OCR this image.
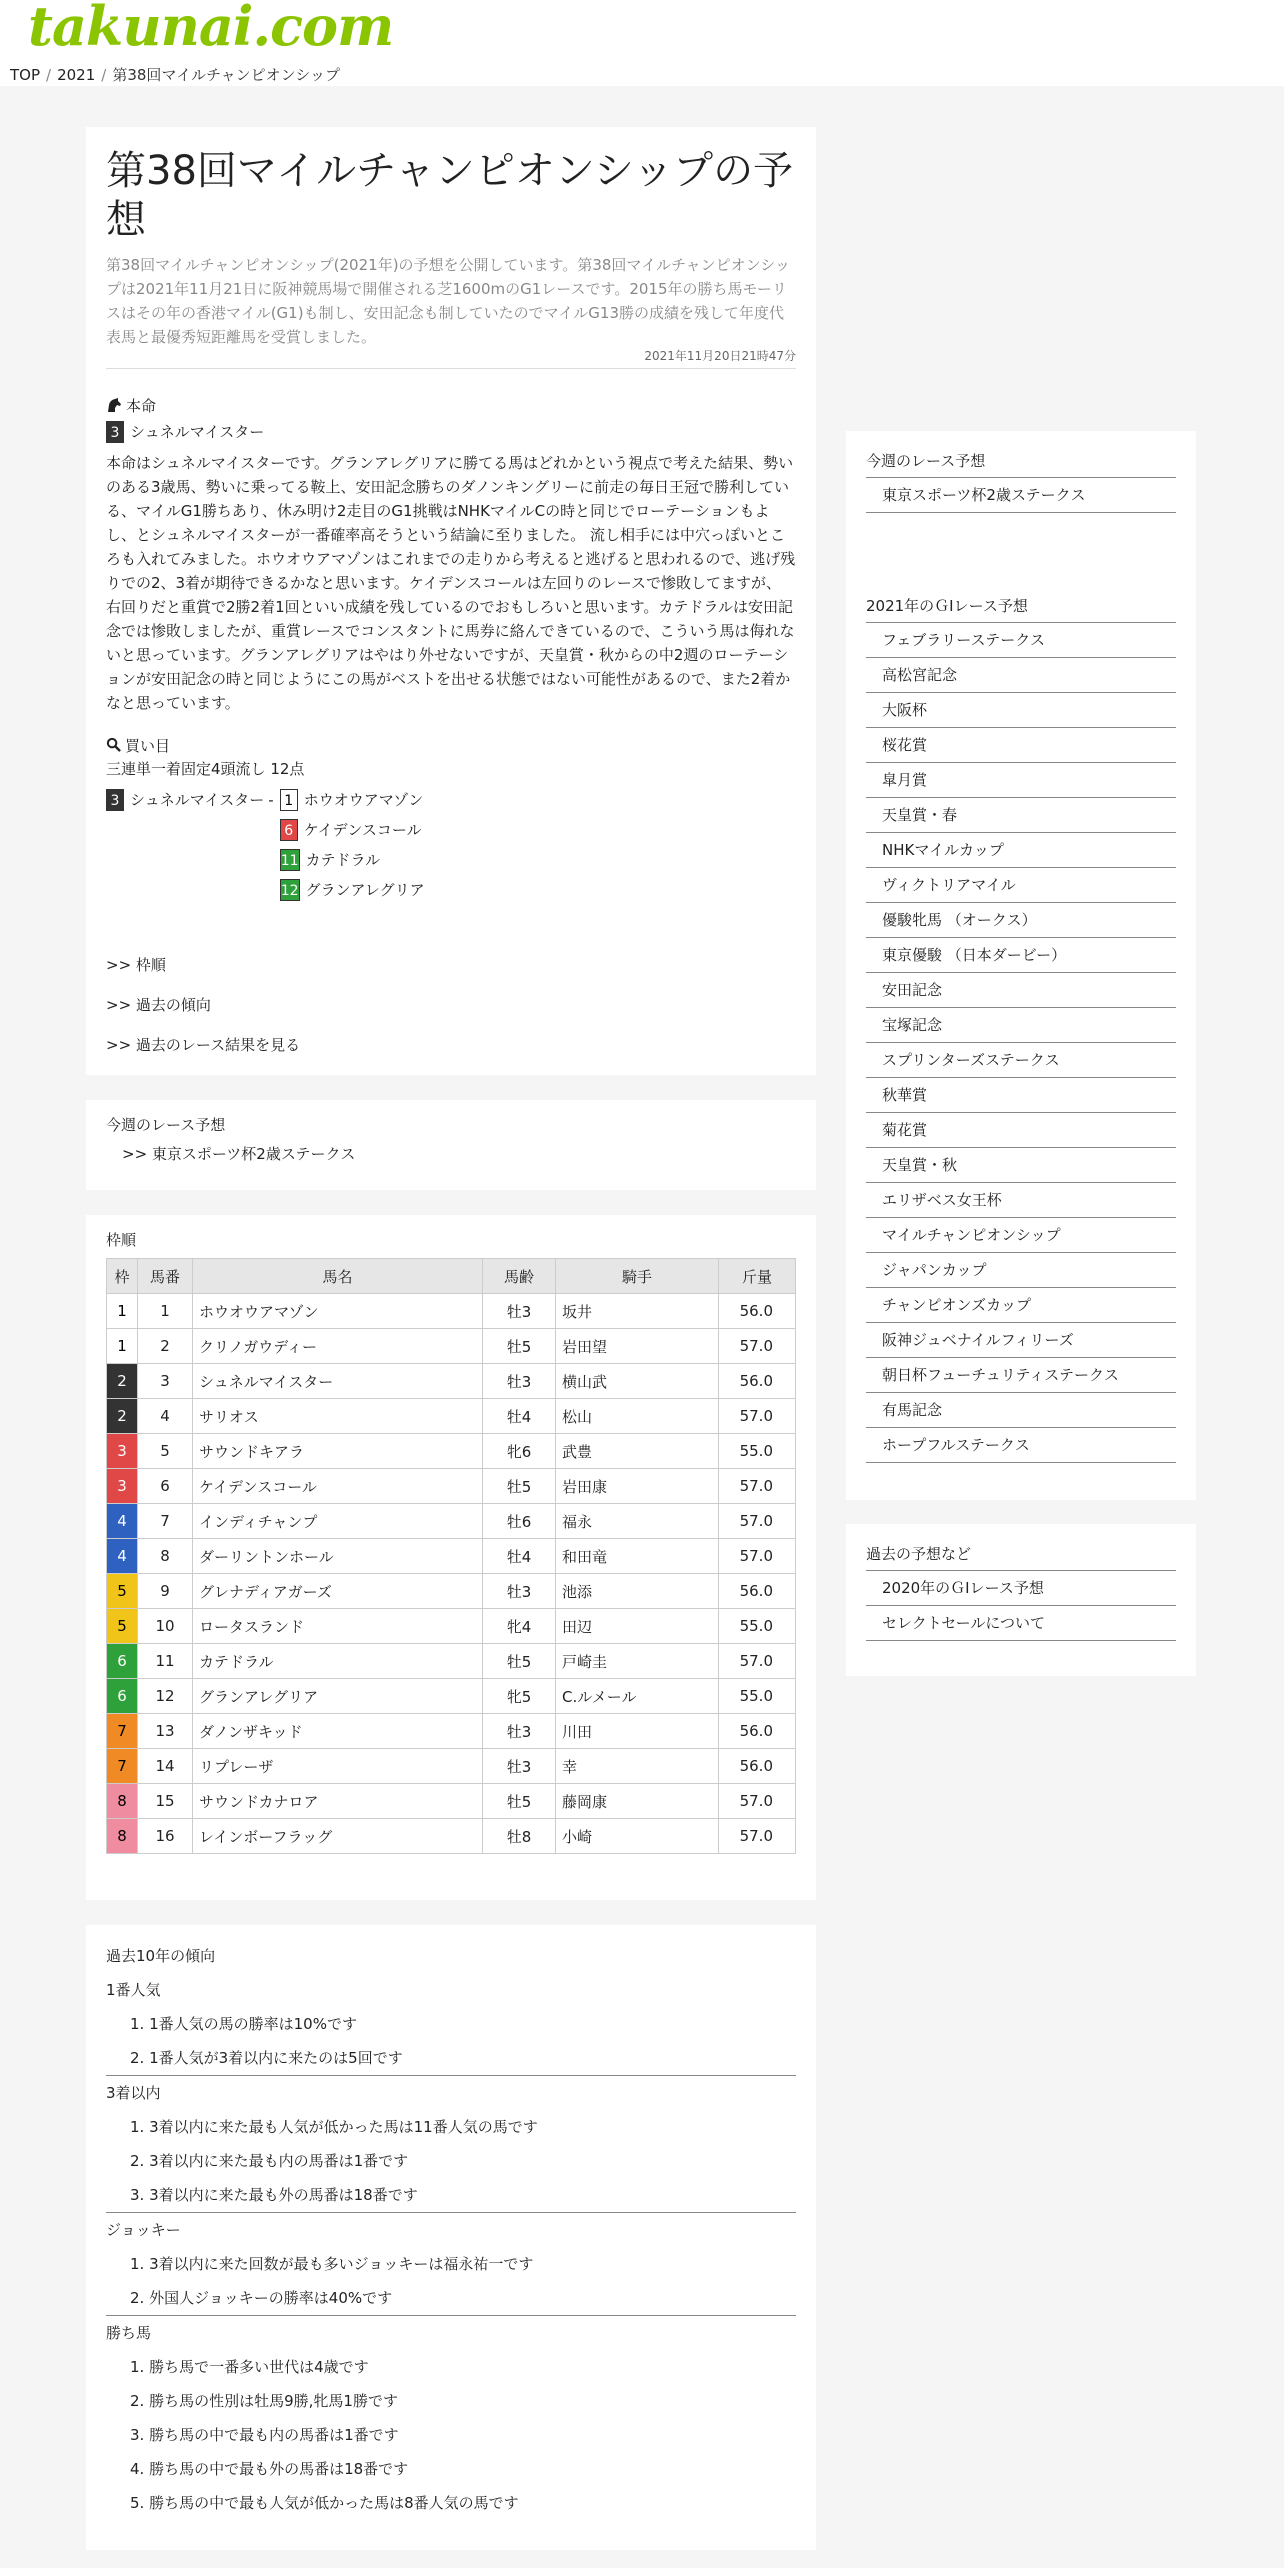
takunai.com
TOP / 2021 / 第38回マイルチャンピオンシップ
第38回マイルチャンピオンシップの予想
第38回マイルチャンピオンシップ(2021年)の予想を公開しています。第38回マイルチャンピオンシップは2021年11月21日に阪神競馬場で開催される芝1600mのG1レースです。2015年の勝ち馬モーリスはその年の香港マイル(G1)も制し、安田記念も制していたのでマイルG13勝の成績を残して年度代表馬と最優秀短距離馬を受賞しました。
2021年11月20日21時47分
本命
3 シュネルマイスター
本命はシュネルマイスターです。グランアレグリアに勝てる馬はどれかという視点で考えた結果、勢いのある3歳馬、勢いに乗ってる鞍上、安田記念勝ちのダノンキングリーに前走の毎日王冠で勝利している、マイルG1勝ちあり、休み明け2走目のG1挑戦はNHKマイルCの時と同じでローテーションもよし、とシュネルマイスターが一番確率高そうという結論に至りました。 流し相手には中穴っぽいところも入れてみました。ホウオウアマゾンはこれまでの走りから考えると逃げると思われるので、逃げ残りでの2、3着が期待できるかなと思います。ケイデンスコールは左回りのレースで惨敗してますが、右回りだと重賞で2勝2着1回といい成績を残しているのでおもしろいと思います。カテドラルは安田記念では惨敗しましたが、重賞レースでコンスタントに馬券に絡んできているので、こういう馬は侮れないと思っています。グランアレグリアはやはり外せないですが、天皇賞・秋からの中2週のローテーションが安田記念の時と同じようにこの馬がベストを出せる状態ではない可能性があるので、また2着かなと思っています。
買い目
三連単一着固定4頭流し 12点
3 シュネルマイスター - 1 ホウオウアマゾン
6 ケイデンスコール
11 カテドラル
12 グランアレグリア

>> 枠順

>> 過去の傾向

>> 過去のレース結果を見る

今週のレース予想
>> 東京スポーツ杯2歳ステークス
枠順
枠	馬番	馬名	馬齢	騎手	斤量
1	1	ホウオウアマゾン	牡3	坂井	56.0
1	2	クリノガウディー	牡5	岩田望	57.0
2	3	シュネルマイスター	牡3	横山武	56.0
2	4	サリオス	牡4	松山	57.0
3	5	サウンドキアラ	牝6	武豊	55.0
3	6	ケイデンスコール	牡5	岩田康	57.0
4	7	インディチャンプ	牡6	福永	57.0
4	8	ダーリントンホール	牡4	和田竜	57.0
5	9	グレナディアガーズ	牡3	池添	56.0
5	10	ロータスランド	牝4	田辺	55.0
6	11	カテドラル	牡5	戸崎圭	57.0
6	12	グランアレグリア	牝5	C.ルメール	55.0
7	13	ダノンザキッド	牡3	川田	56.0
7	14	リプレーザ	牡3	幸	56.0
8	15	サウンドカナロア	牡5	藤岡康	57.0
8	16	レインボーフラッグ	牡8	小崎	57.0
過去10年の傾向
1番人気
1. 1番人気の馬の勝率は10%です
2. 1番人気が3着以内に来たのは5回です
3着以内
1. 3着以内に来た最も人気が低かった馬は11番人気の馬です
2. 3着以内に来た最も内の馬番は1番です
3. 3着以内に来た最も外の馬番は18番です
ジョッキー
1. 3着以内に来た回数が最も多いジョッキーは福永祐一です
2. 外国人ジョッキーの勝率は40%です
勝ち馬
1. 勝ち馬で一番多い世代は4歳です
2. 勝ち馬の性別は牡馬9勝,牝馬1勝です
3. 勝ち馬の中で最も内の馬番は1番です
4. 勝ち馬の中で最も外の馬番は18番です
5. 勝ち馬の中で最も人気が低かった馬は8番人気の馬です
今週のレース予想
東京スポーツ杯2歳ステークス
2021年のＧⅠレース予想
フェブラリーステークス
高松宮記念
大阪杯
桜花賞
皐月賞
天皇賞・春
NHKマイルカップ
ヴィクトリアマイル
優駿牝馬 （オークス）
東京優駿 （日本ダービー）
安田記念
宝塚記念
スプリンターズステークス
秋華賞
菊花賞
天皇賞・秋
エリザベス女王杯
マイルチャンピオンシップ
ジャパンカップ
チャンピオンズカップ
阪神ジュベナイルフィリーズ
朝日杯フューチュリティステークス
有馬記念
ホープフルステークス
過去の予想など
2020年のＧⅠレース予想
セレクトセールについて
